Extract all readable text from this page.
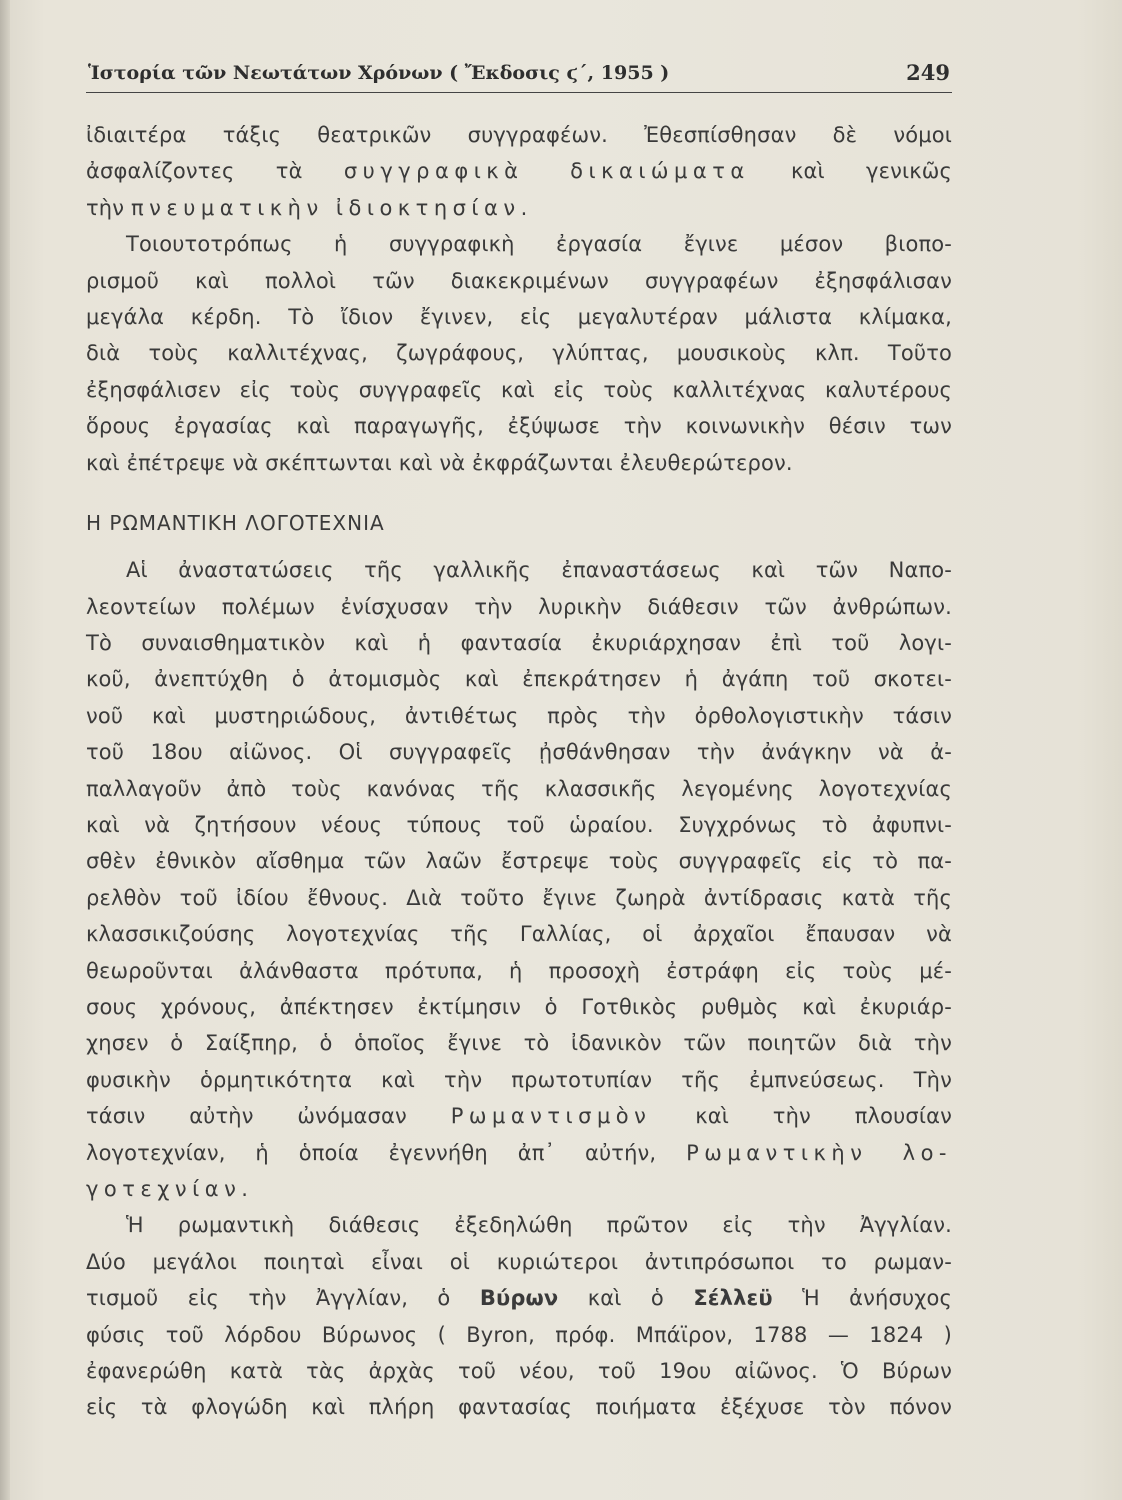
Ἱστορία τῶν Νεωτάτων Χρόνων ( Ἔκδοσις ϛ΄, 1955 )	249
ἰδιαιτέρα τάξις θεατρικῶν συγγραφέων. Ἐθεσπίσθησαν δὲ νόμοι
ἀσφαλίζοντες τὰ συγγραφικὰ δικαιώματα καὶ γενικῶς
τὴν πνευματικὴν ἰδιοκτησίαν.
Τοιουτοτρόπως ἡ συγγραφικὴ ἐργασία ἔγινε μέσον βιοπο-
ρισμοῦ καὶ πολλοὶ τῶν διακεκριμένων συγγραφέων ἐξησφάλισαν
μεγάλα κέρδη. Τὸ ἴδιον ἔγινεν, εἰς μεγαλυτέραν μάλιστα κλίμακα,
διὰ τοὺς καλλιτέχνας, ζωγράφους, γλύπτας, μουσικοὺς κλπ. Τοῦτο
ἐξησφάλισεν εἰς τοὺς συγγραφεῖς καὶ εἰς τοὺς καλλιτέχνας καλυτέρους
ὅρους ἐργασίας καὶ παραγωγῆς, ἐξύψωσε τὴν κοινωνικὴν θέσιν των
καὶ ἐπέτρεψε νὰ σκέπτωνται καὶ νὰ ἐκφράζωνται ἐλευθερώτερον.
Η ΡΩΜΑΝΤΙΚΗ ΛΟΓΟΤΕΧΝΙΑ
Αἱ ἀναστατώσεις τῆς γαλλικῆς ἐπαναστάσεως καὶ τῶν Ναπο-
λεοντείων πολέμων ἐνίσχυσαν τὴν λυρικὴν διάθεσιν τῶν ἀνθρώπων.
Τὸ συναισθηματικὸν καὶ ἡ φαντασία ἐκυριάρχησαν ἐπὶ τοῦ λογι-
κοῦ, ἀνεπτύχθη ὁ ἀτομισμὸς καὶ ἐπεκράτησεν ἡ ἀγάπη τοῦ σκοτει-
νοῦ καὶ μυστηριώδους, ἀντιθέτως πρὸς τὴν ὀρθολογιστικὴν τάσιν
τοῦ 18ου αἰῶνος. Οἱ συγγραφεῖς ᾐσθάνθησαν τὴν ἀνάγκην νὰ ἀ-
παλλαγοῦν ἀπὸ τοὺς κανόνας τῆς κλασσικῆς λεγομένης λογοτεχνίας
καὶ νὰ ζητήσουν νέους τύπους τοῦ ὡραίου. Συγχρόνως τὸ ἀφυπνι-
σθὲν ἐθνικὸν αἴσθημα τῶν λαῶν ἔστρεψε τοὺς συγγραφεῖς εἰς τὸ πα-
ρελθὸν τοῦ ἰδίου ἔθνους. Διὰ τοῦτο ἔγινε ζωηρὰ ἀντίδρασις κατὰ τῆς
κλασσικιζούσης λογοτεχνίας τῆς Γαλλίας, οἱ ἀρχαῖοι ἔπαυσαν νὰ
θεωροῦνται ἀλάνθαστα πρότυπα, ἡ προσοχὴ ἐστράφη εἰς τοὺς μέ-
σους χρόνους, ἀπέκτησεν ἐκτίμησιν ὁ Γοτθικὸς ρυθμὸς καὶ ἐκυριάρ-
χησεν ὁ Σαίξπηρ, ὁ ὁποῖος ἔγινε τὸ ἰδανικὸν τῶν ποιητῶν διὰ τὴν
φυσικὴν ὁρμητικότητα καὶ τὴν πρωτοτυπίαν τῆς ἐμπνεύσεως. Τὴν
τάσιν αὐτὴν ὠνόμασαν Ρωμαντισμὸν καὶ τὴν πλουσίαν
λογοτεχνίαν, ἡ ὁποία ἐγεννήθη ἀπ᾿ αὐτήν, Ρωμαντικὴν λο-
γοτεχνίαν.
Ἡ ρωμαντικὴ διάθεσις ἐξεδηλώθη πρῶτον εἰς τὴν Ἀγγλίαν.
Δύο μεγάλοι ποιηταὶ εἶναι οἱ κυριώτεροι ἀντιπρόσωποι το ρωμαν-
τισμοῦ εἰς τὴν Ἀγγλίαν, ὁ Βύρων καὶ ὁ Σέλλεϋ Ἡ ἀνήσυχος
φύσις τοῦ λόρδου Βύρωνος ( Byron, πρόφ. Μπάϊρον, 1788 — 1824 )
ἐφανερώθη κατὰ τὰς ἀρχὰς τοῦ νέου, τοῦ 19ου αἰῶνος. Ὁ Βύρων
εἰς τὰ φλογώδη καὶ πλήρη φαντασίας ποιήματα ἐξέχυσε τὸν πόνον
